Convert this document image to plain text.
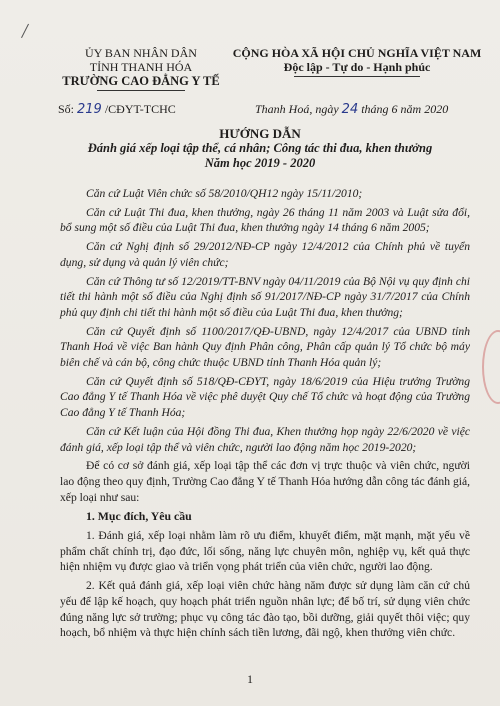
/
ỦY BAN NHÂN DÂN
TỈNH THANH HÓA
TRƯỜNG CAO ĐẲNG Y TẾ
CỘNG HÒA XÃ HỘI CHỦ NGHĨA VIỆT NAM
Độc lập - Tự do - Hạnh phúc
Số: 219 /CĐYT-TCHC	Thanh Hoá, ngày 24 tháng 6 năm 2020
HƯỚNG DẪN
Đánh giá xếp loại tập thể, cá nhân; Công tác thi đua, khen thưởng
Năm học 2019 - 2020

Căn cứ Luật Viên chức số 58/2010/QH12 ngày 15/11/2010;

Căn cứ Luật Thi đua, khen thưởng, ngày 26 tháng 11 năm 2003 và Luật sửa đổi, bổ sung một số điều của Luật Thi đua, khen thưởng ngày 14 tháng 6 năm 2005;

Căn cứ Nghị định số 29/2012/NĐ-CP ngày 12/4/2012 của Chính phủ về tuyển dụng, sử dụng và quản lý viên chức;

Căn cứ Thông tư số 12/2019/TT-BNV ngày 04/11/2019 của Bộ Nội vụ quy định chi tiết thi hành một số điều của Nghị định số 91/2017/NĐ-CP ngày 31/7/2017 của Chính phủ quy định chi tiết thi hành một số điều của Luật Thi đua, khen thưởng;

Căn cứ Quyết định số 1100/2017/QĐ-UBND, ngày 12/4/2017 của UBND tỉnh Thanh Hoá về việc Ban hành Quy định Phân công, Phân cấp quản lý Tổ chức bộ máy biên chế và cán bộ, công chức thuộc UBND tỉnh Thanh Hóa quản lý;

Căn cứ Quyết định số 518/QĐ-CĐYT, ngày 18/6/2019 của Hiệu trưởng Trường Cao đẳng Y tế Thanh Hóa về việc phê duyệt Quy chế Tổ chức và hoạt động của Trường Cao đẳng Y tế Thanh Hóa;

Căn cứ Kết luận của Hội đồng Thi đua, Khen thưởng họp ngày 22/6/2020 về việc đánh giá, xếp loại tập thể và viên chức, người lao động năm học 2019-2020;

Để có cơ sở đánh giá, xếp loại tập thể các đơn vị trực thuộc và viên chức, người lao động theo quy định, Trường Cao đẳng Y tế Thanh Hóa hướng dẫn công tác đánh giá, xếp loại như sau:

1. Mục đích, Yêu cầu

1. Đánh giá, xếp loại nhằm làm rõ ưu điểm, khuyết điểm, mặt mạnh, mặt yếu về phẩm chất chính trị, đạo đức, lối sống, năng lực chuyên môn, nghiệp vụ, kết quả thực hiện nhiệm vụ được giao và triển vọng phát triển của viên chức, người lao động.

2. Kết quả đánh giá, xếp loại viên chức hàng năm được sử dụng làm căn cứ chủ yếu để lập kế hoạch, quy hoạch phát triển nguồn nhân lực; để bố trí, sử dụng viên chức đúng năng lực sở trường; phục vụ công tác đào tạo, bồi dưỡng, giải quyết thôi việc; quy hoạch, bổ nhiệm và thực hiện chính sách tiền lương, đãi ngộ, khen thưởng viên chức.

1
